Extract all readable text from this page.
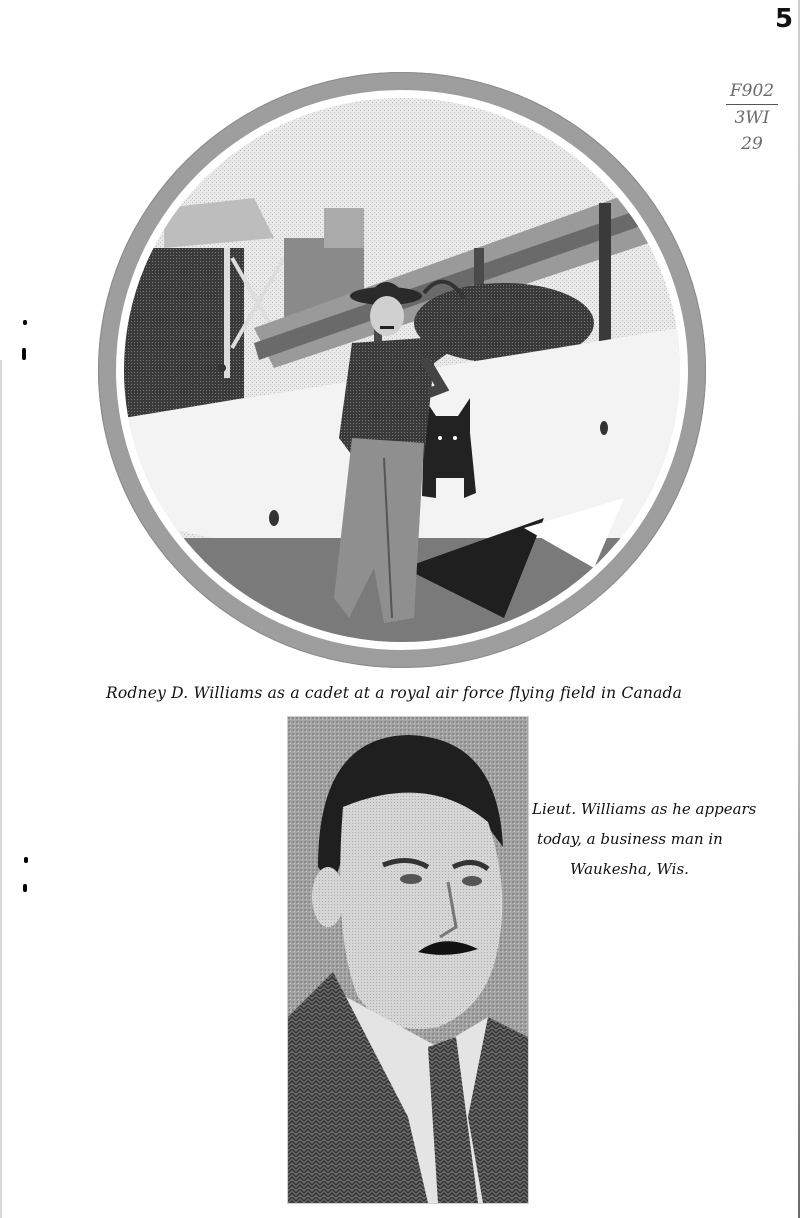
5
F902
3WI
29
Rodney D. Williams as a cadet at a royal air force flying field in Canada
Lieut. Williams as he appears
today, a business man in
Waukesha, Wis.
